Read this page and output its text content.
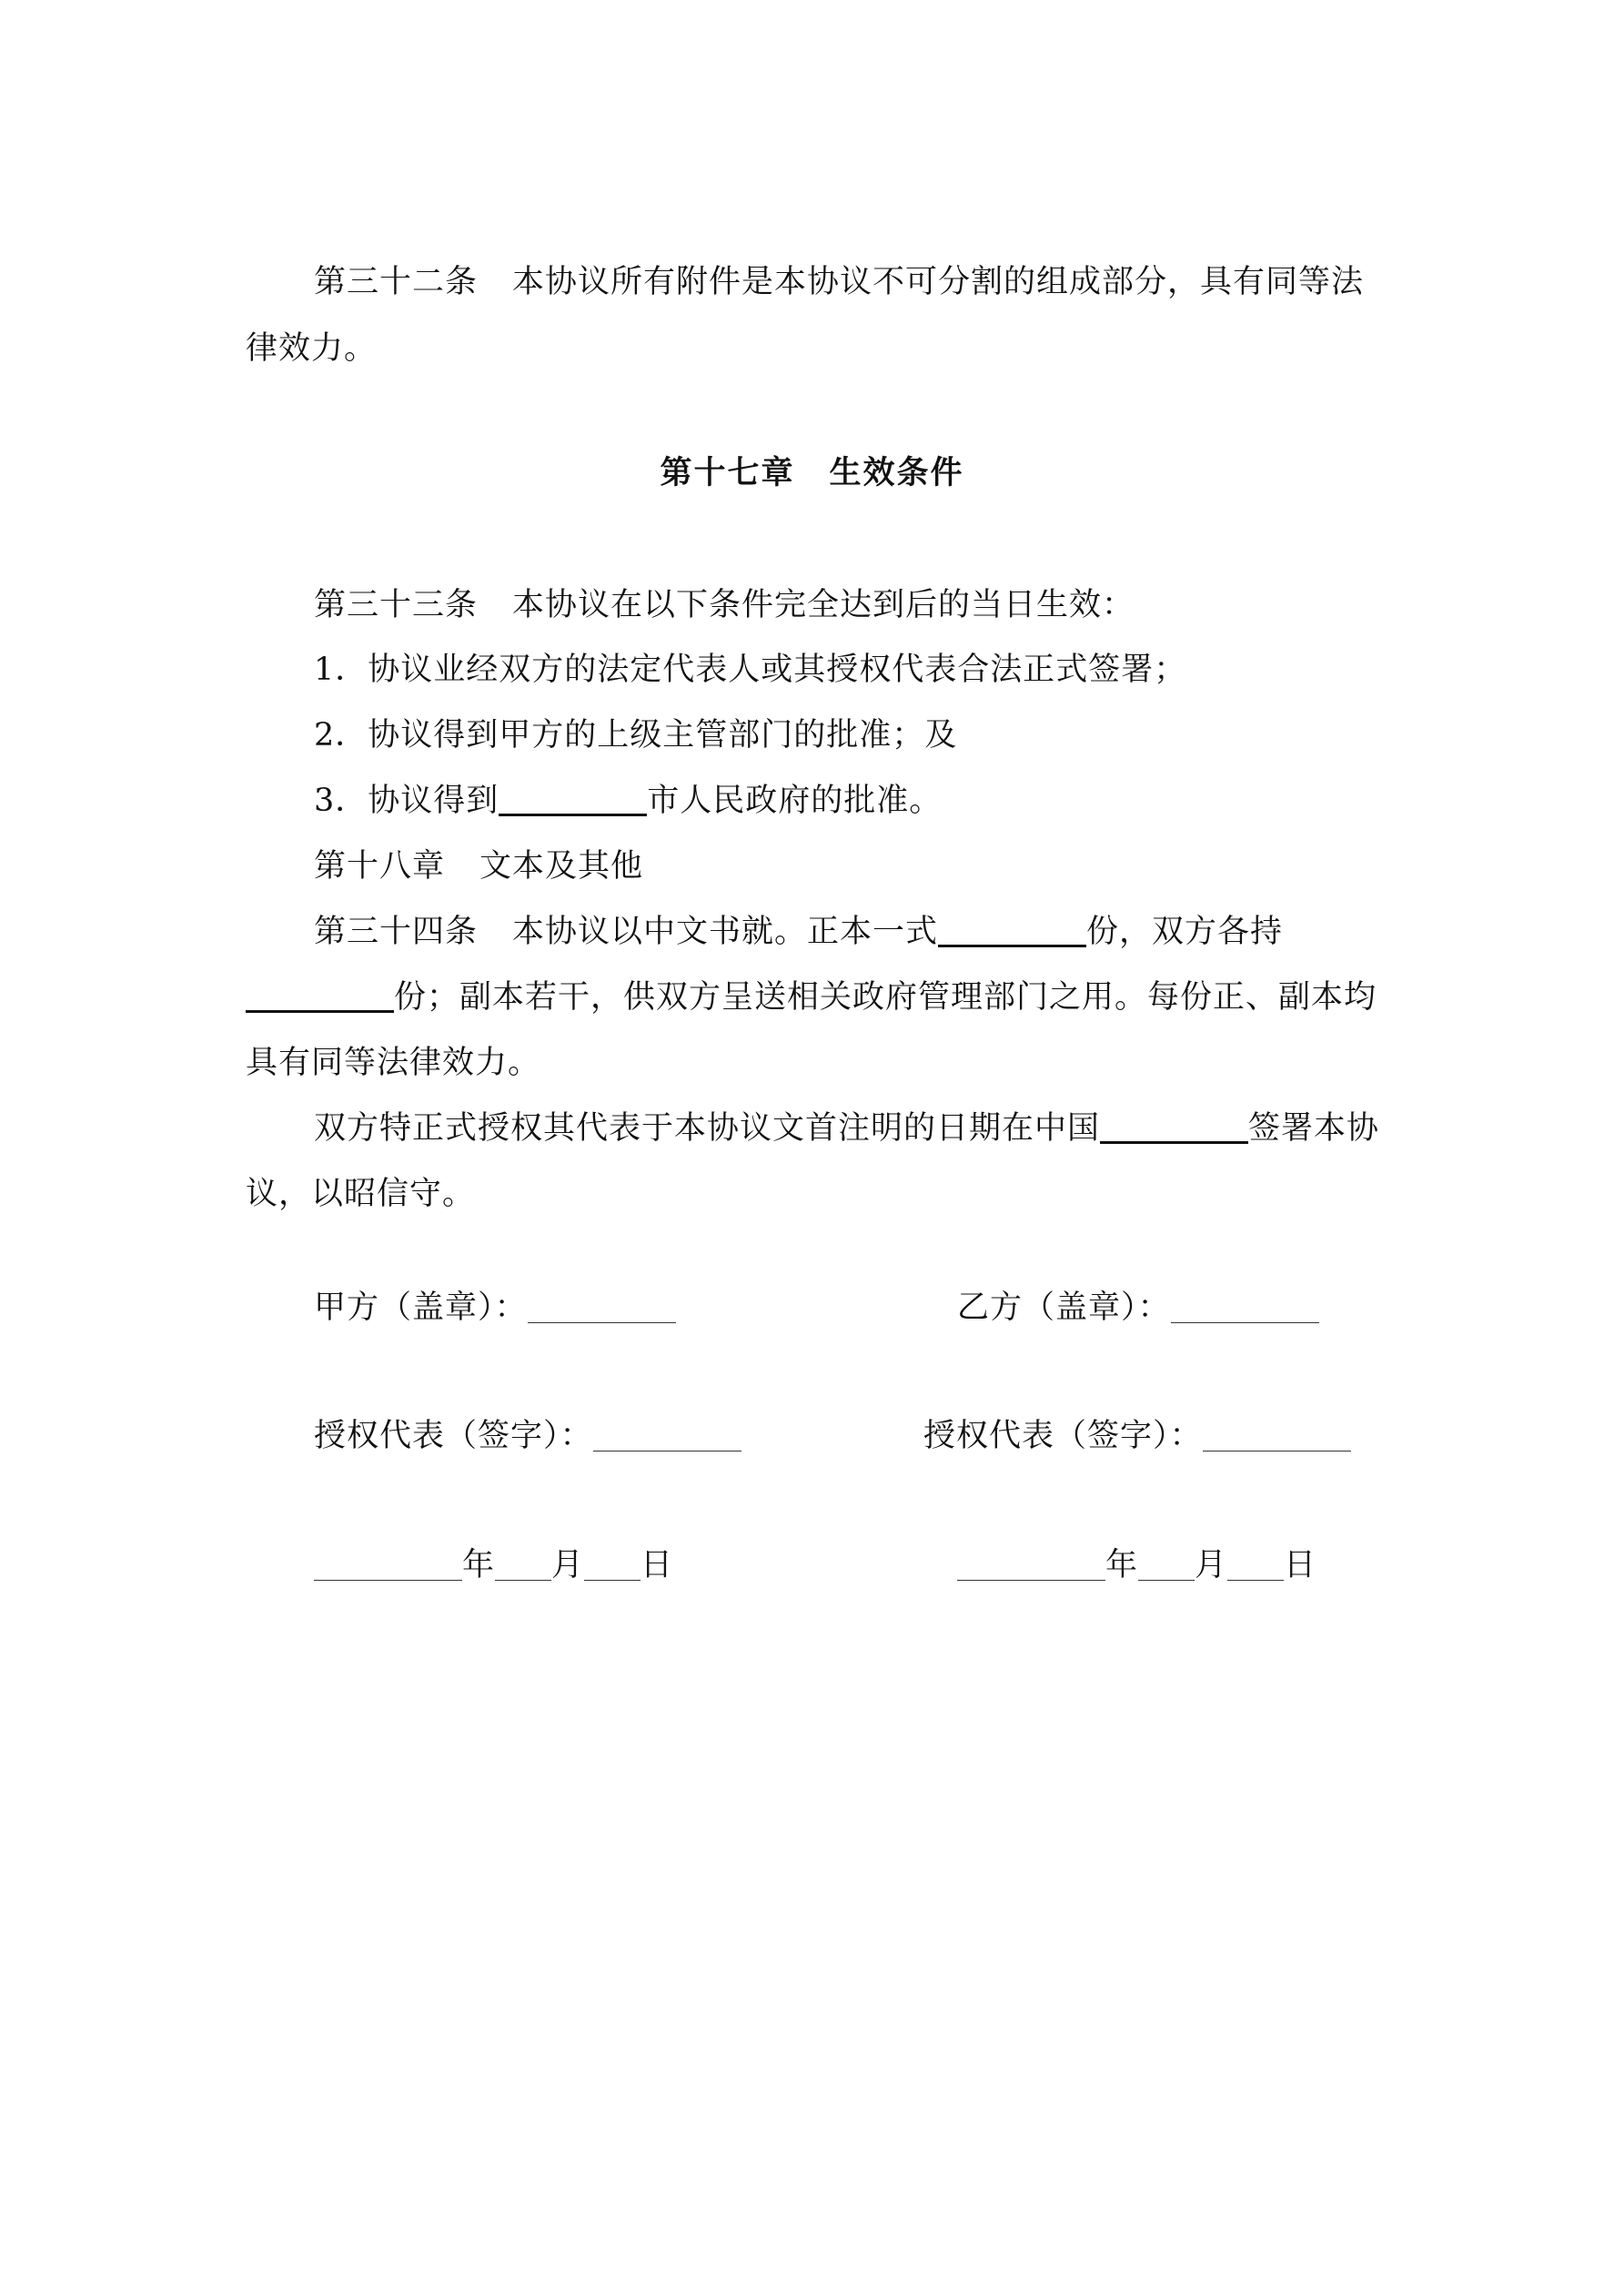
第三十二条 本协议所有附件是本协议不可分割的组成部分，具有同等法
律效力。
第十七章 生效条件
第三十三条 本协议在以下条件完全达到后的当日生效：
1．协议业经双方的法定代表人或其授权代表合法正式签署；
2．协议得到甲方的上级主管部门的批准；及
3．协议得到	市人民政府的批准。
第十八章 文本及其他
第三十四条 本协议以中文书就。正本一式	份，双方各持
份；副本若干，供双方呈送相关政府管理部门之用。每份正、副本均
具有同等法律效力。
双方特正式授权其代表于本协议文首注明的日期在中国	签署本协
议，以昭信守。
甲方（盖章）：	乙方（盖章）：
授权代表（签字）：	授权代表（签字）：
年 月 日	年 月 日
